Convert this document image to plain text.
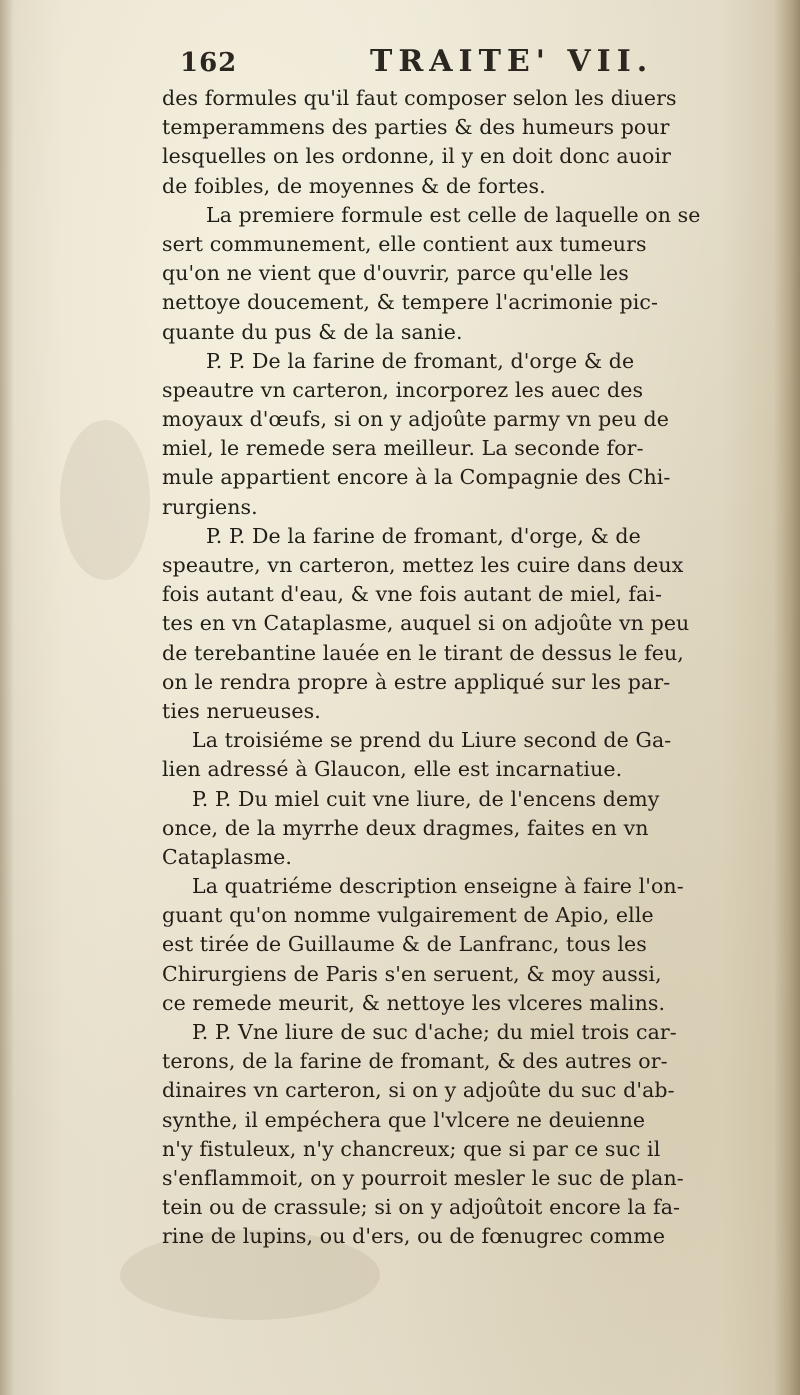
162	TRAITE' VII.
des formules qu'il faut composer selon les diuers
temperammens des parties & des humeurs pour
lesquelles on les ordonne, il y en doit donc auoir
de foibles, de moyennes & de fortes.
La premiere formule est celle de laquelle on se
sert communement, elle contient aux tumeurs
qu'on ne vient que d'ouvrir, parce qu'elle les
nettoye doucement, & tempere l'acrimonie pic-
quante du pus & de la sanie.
P. P. De la farine de fromant, d'orge & de
speautre vn carteron, incorporez les auec des
moyaux d'œufs, si on y adjoûte parmy vn peu de
miel, le remede sera meilleur. La seconde for-
mule appartient encore à la Compagnie des Chi-
rurgiens.
P. P. De la farine de fromant, d'orge, & de
speautre, vn carteron, mettez les cuire dans deux
fois autant d'eau, & vne fois autant de miel, fai-
tes en vn Cataplasme, auquel si on adjoûte vn peu
de terebantine lauée en le tirant de dessus le feu,
on le rendra propre à estre appliqué sur les par-
ties nerueuses.
La troisiéme se prend du Liure second de Ga-
lien adressé à Glaucon, elle est incarnatiue.
P. P. Du miel cuit vne liure, de l'encens demy
once, de la myrrhe deux dragmes, faites en vn
Cataplasme.
La quatriéme description enseigne à faire l'on-
guant qu'on nomme vulgairement de Apio, elle
est tirée de Guillaume & de Lanfranc, tous les
Chirurgiens de Paris s'en seruent, & moy aussi,
ce remede meurit, & nettoye les vlceres malins.
P. P. Vne liure de suc d'ache; du miel trois car-
terons, de la farine de fromant, & des autres or-
dinaires vn carteron, si on y adjoûte du suc d'ab-
synthe, il empéchera que l'vlcere ne deuienne
n'y fistuleux, n'y chancreux; que si par ce suc il
s'enflammoit, on y pourroit mesler le suc de plan-
tein ou de crassule; si on y adjoûtoit encore la fa-
rine de lupins, ou d'ers, ou de fœnugrec comme
